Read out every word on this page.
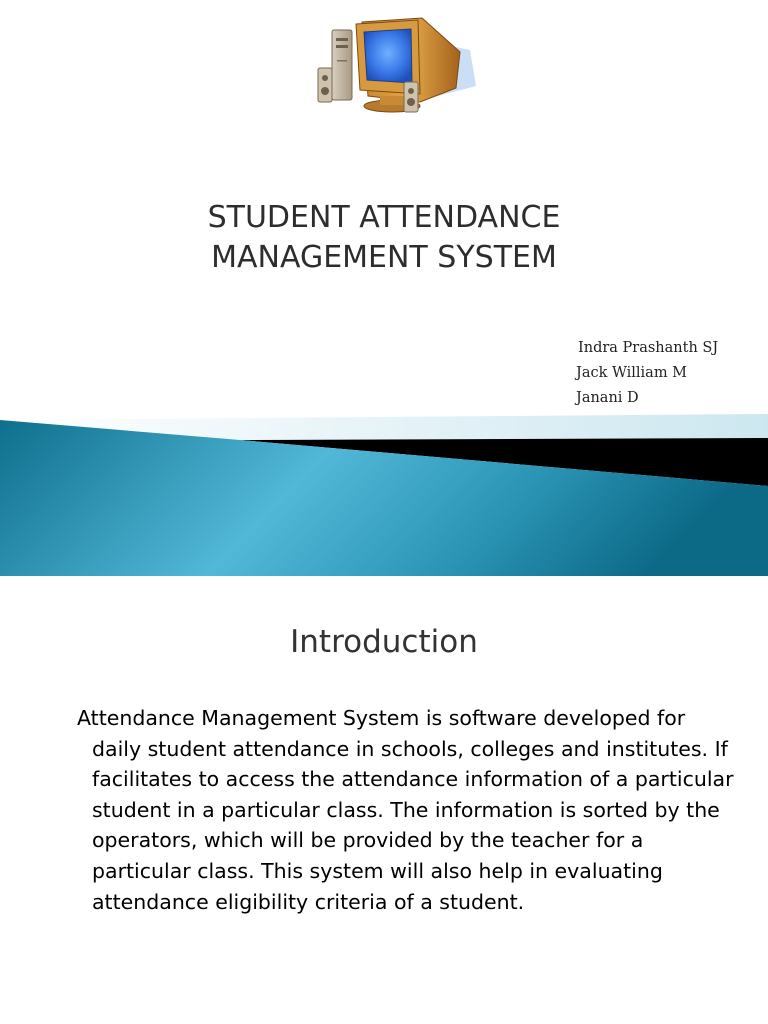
STUDENT ATTENDANCE
MANAGEMENT SYSTEM
Indra Prashanth SJ
Jack William M
Janani D
Introduction

Attendance Management System is software developed for daily student attendance in schools, colleges and institutes. If facilitates to access the attendance information of a particular student in a particular class. The information is sorted by the operators, which will be provided by the teacher for a particular class. This system will also help in evaluating attendance eligibility criteria of a student.
